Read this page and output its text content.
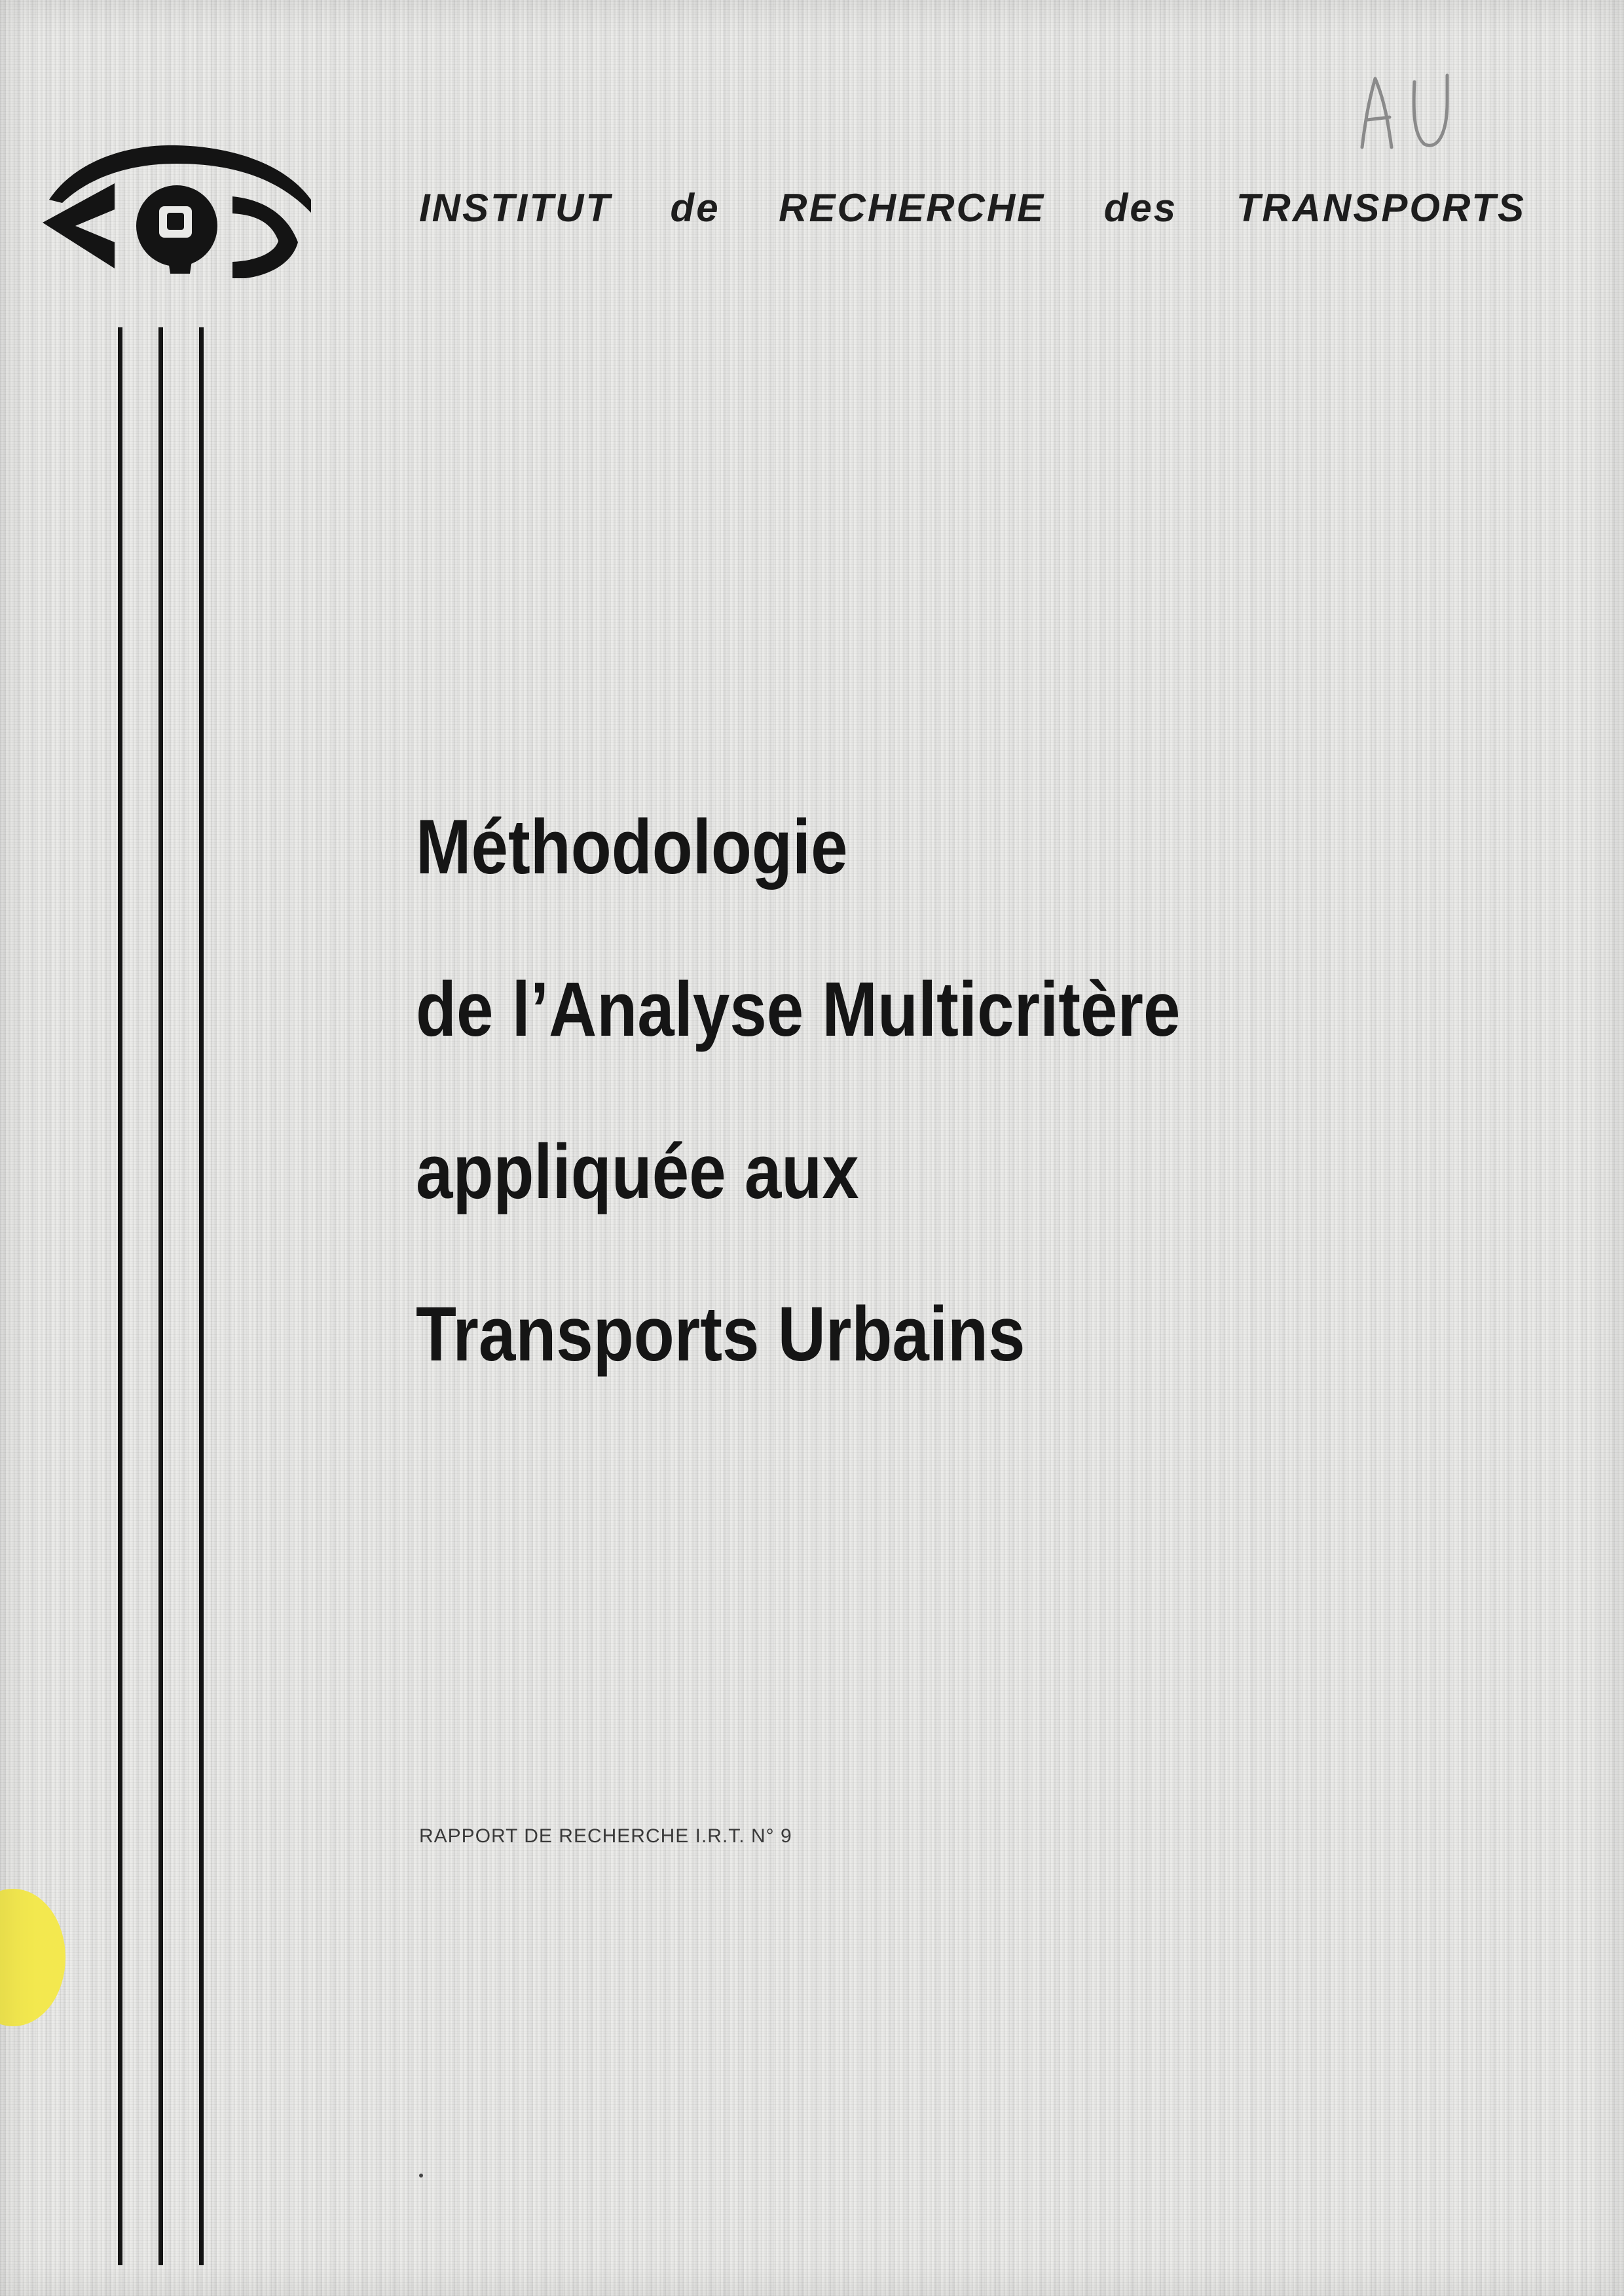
INSTITUT de RECHERCHE des TRANSPORTS
Méthodologie
de l’Analyse Multicritère
appliquée aux
Transports Urbains
RAPPORT DE RECHERCHE I.R.T. N° 9
